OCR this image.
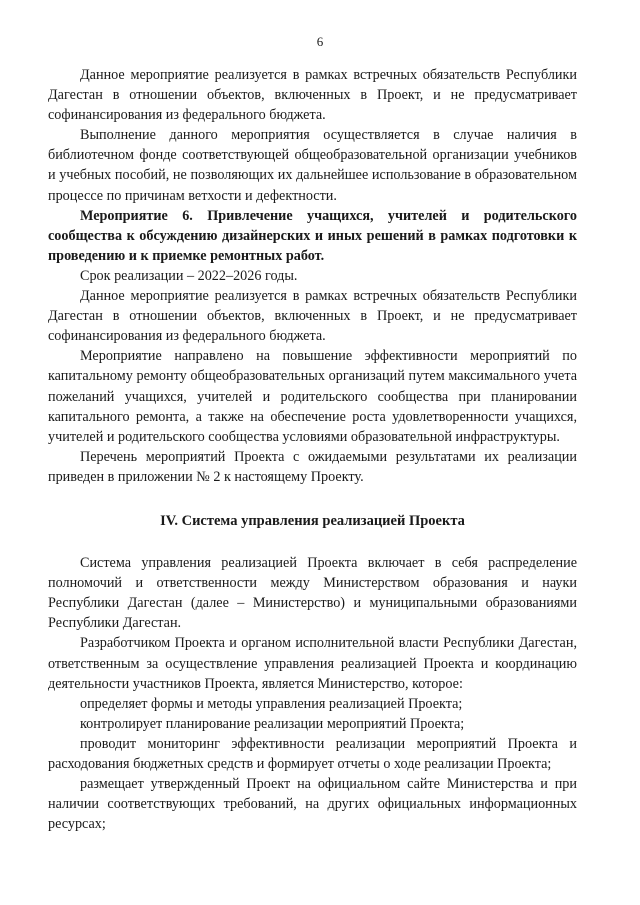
6

Данное мероприятие реализуется в рамках встречных обязательств Республики Дагестан в отношении объектов, включенных в Проект, и не предусматривает софинансирования из федерального бюджета.

Выполнение данного мероприятия осуществляется в случае наличия в библиотечном фонде соответствующей общеобразовательной организации учебников и учебных пособий, не позволяющих их дальнейшее использование в образовательном процессе по причинам ветхости и дефектности.

Мероприятие 6. Привлечение учащихся, учителей и родительского сообщества к обсуждению дизайнерских и иных решений в рамках подготовки к проведению и к приемке ремонтных работ.

Срок реализации – 2022–2026 годы.

Данное мероприятие реализуется в рамках встречных обязательств Республики Дагестан в отношении объектов, включенных в Проект, и не предусматривает софинансирования из федерального бюджета.

Мероприятие направлено на повышение эффективности мероприятий по капитальному ремонту общеобразовательных организаций путем максимального учета пожеланий учащихся, учителей и родительского сообщества при планировании капитального ремонта, а также на обеспечение роста удовлетворенности учащихся, учителей и родительского сообщества условиями образовательной инфраструктуры.

Перечень мероприятий Проекта с ожидаемыми результатами их реализации приведен в приложении № 2 к настоящему Проекту.

IV. Система управления реализацией Проекта

Система управления реализацией Проекта включает в себя распределение полномочий и ответственности между Министерством образования и науки Республики Дагестан (далее – Министерство) и муниципальными образованиями Республики Дагестан.

Разработчиком Проекта и органом исполнительной власти Республики Дагестан, ответственным за осуществление управления реализацией Проекта и координацию деятельности участников Проекта, является Министерство, которое:

определяет формы и методы управления реализацией Проекта;

контролирует планирование реализации мероприятий Проекта;

проводит мониторинг эффективности реализации мероприятий Проекта и расходования бюджетных средств и формирует отчеты о ходе реализации Проекта;

размещает утвержденный Проект на официальном сайте Министерства и при наличии соответствующих требований, на других официальных информационных ресурсах;
